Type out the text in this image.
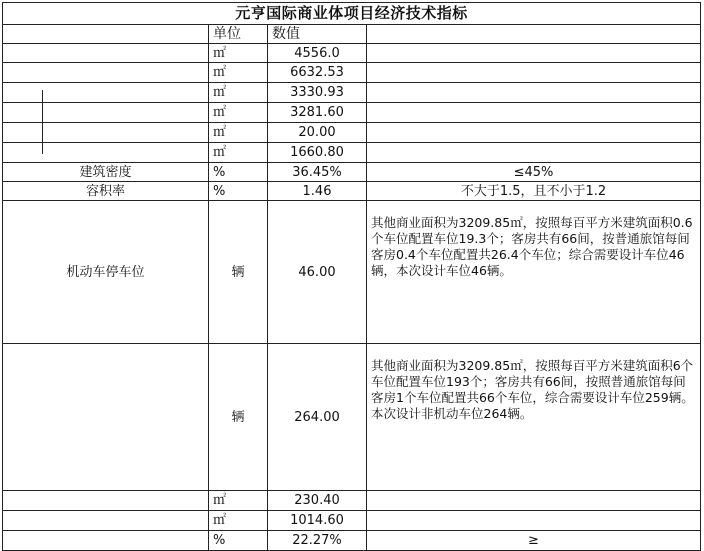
元亨国际商业体项目经济技术指标			
	单位	数值	
	㎡	4556.0	
	㎡	6632.53	
	㎡	3330.93	
	㎡	3281.60	
	㎡	20.00	
	㎡	1660.80	
建筑密度	%	36.45%	≤45%
容积率	%	1.46	不大于1.5，且不小于1.2
机动车停车位	辆	46.00	其他商业面积为3209.85㎡，按照每百平方米建筑面积0.6个车位配置车位19.3个；客房共有66间，按普通旅馆每间客房0.4个车位配置共26.4个车位；综合需要设计车位46辆，本次设计车位46辆。
	辆	264.00	其他商业面积为3209.85㎡，按照每百平方米建筑面积6个车位配置车位193个；客房共有66间，按照普通旅馆每间客房1个车位配置共66个车位，综合需要设计车位259辆。本次设计非机动车位264辆。
	㎡	230.40	
	㎡	1014.60	
	%	22.27%	≥
